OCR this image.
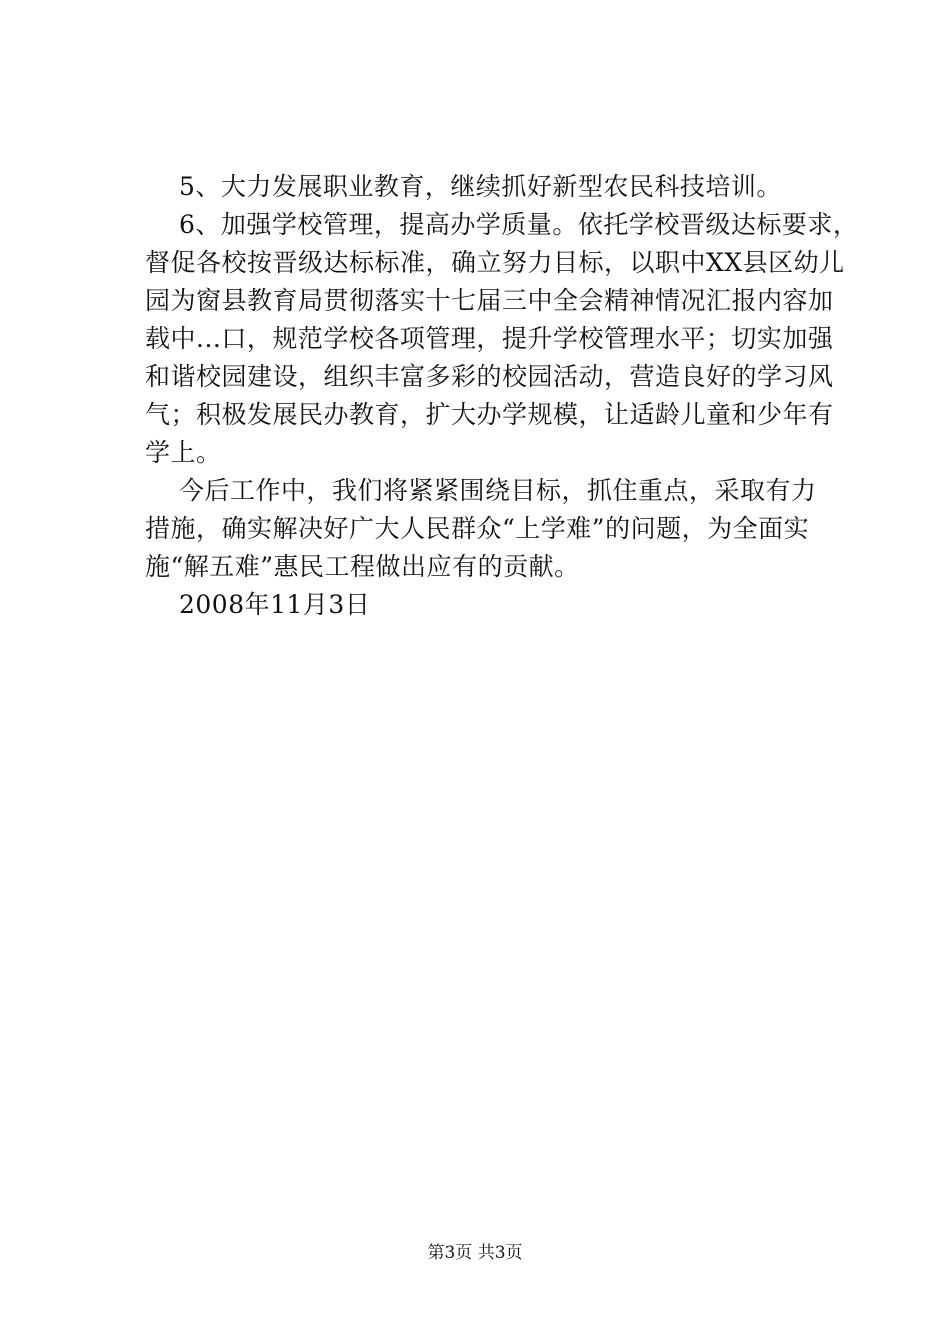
5、大力发展职业教育，继续抓好新型农民科技培训。

6、加强学校管理，提高办学质量。依托学校晋级达标要求，
督促各校按晋级达标标准，确立努力目标，以职中XX县区幼儿
园为窗县教育局贯彻落实十七届三中全会精神情况汇报内容加
载中...口，规范学校各项管理，提升学校管理水平；切实加强
和谐校园建设，组织丰富多彩的校园活动，营造良好的学习风
气；积极发展民办教育，扩大办学规模，让适龄儿童和少年有
学上。

今后工作中，我们将紧紧围绕目标，抓住重点，采取有力
措施，确实解决好广大人民群众“上学难”的问题，为全面实
施“解五难”惠民工程做出应有的贡献。

2008年11月3日

第3页 共3页
